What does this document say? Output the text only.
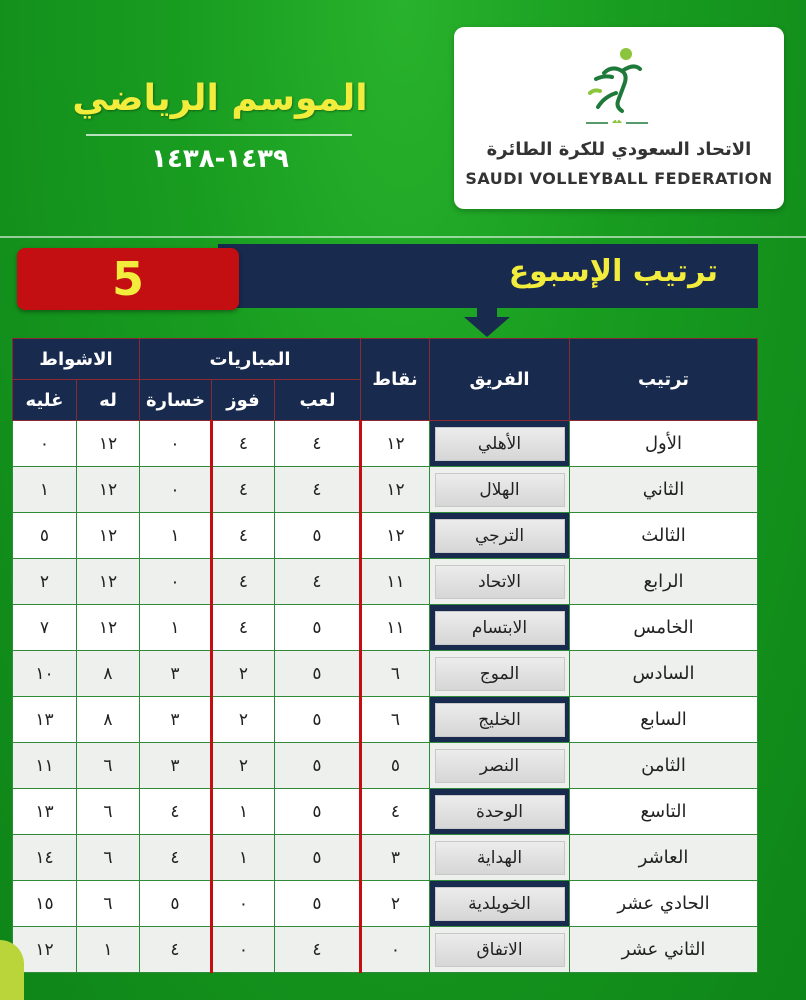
الموسم الرياضي
١٤٣٩-١٤٣٨	الاتحاد السعودي للكرة الطائرة
SAUDI VOLLEYBALL FEDERATION
ترتيب الإسبوع
5
ترتيب	الفريق	نقاط	المباريات			الاشواط	
			لعب	فوز	خسارة	له	غليه
الأول	الأهلي	١٢	٤	٤	٠	١٢	٠
الثاني	الهلال	١٢	٤	٤	٠	١٢	١
الثالث	الترجي	١٢	٥	٤	١	١٢	٥
الرابع	الاتحاد	١١	٤	٤	٠	١٢	٢
الخامس	الابتسام	١١	٥	٤	١	١٢	٧
السادس	الموج	٦	٥	٢	٣	٨	١٠
السابع	الخليج	٦	٥	٢	٣	٨	١٣
الثامن	النصر	٥	٥	٢	٣	٦	١١
التاسع	الوحدة	٤	٥	١	٤	٦	١٣
العاشر	الهداية	٣	٥	١	٤	٦	١٤
الحادي عشر	الخويلدية	٢	٥	٠	٥	٦	١٥
الثاني عشر	الاتفاق	٠	٤	٠	٤	١	١٢
